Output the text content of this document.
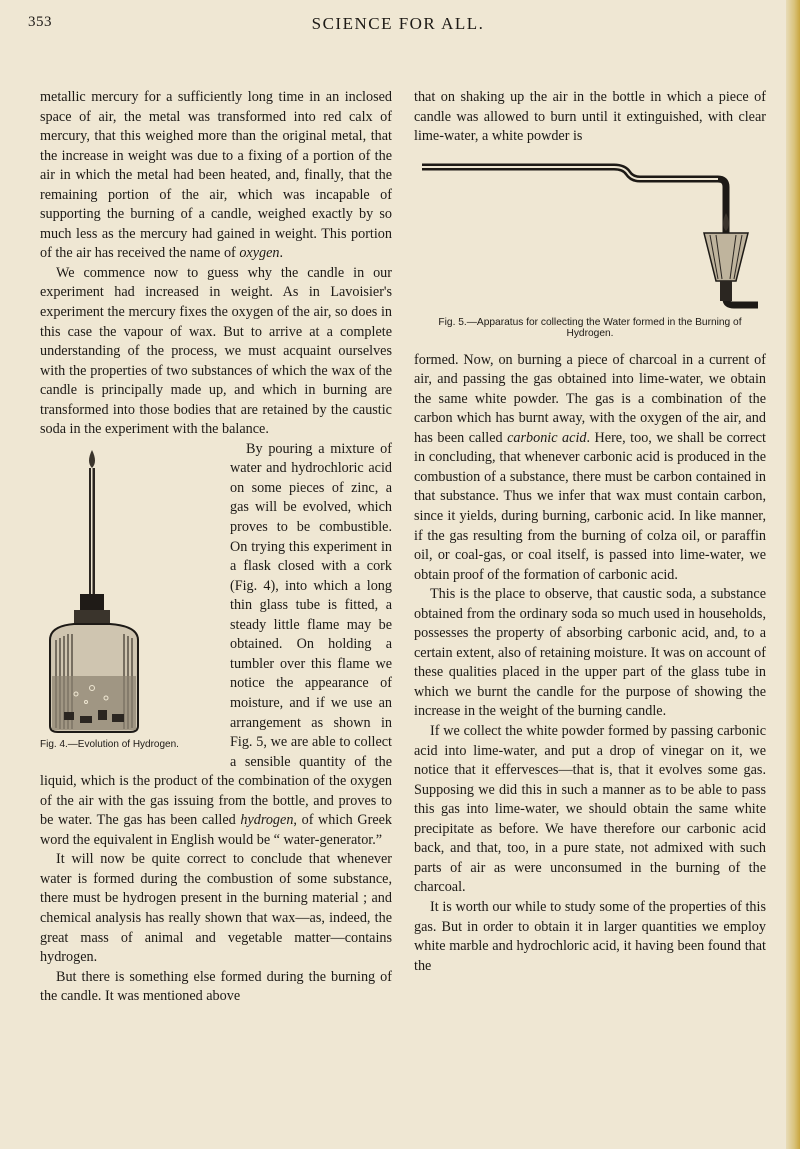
353	SCIENCE FOR ALL.

metallic mercury for a sufficiently long time in an inclosed space of air, the metal was transformed into red calx of mercury, that this weighed more than the original metal, that the increase in weight was due to a fixing of a portion of the air in which the metal had been heated, and, finally, that the remaining portion of the air, which was incapable of supporting the burning of a candle, weighed exactly by so much less as the mercury had gained in weight. This portion of the air has received the name of oxygen.

We commence now to guess why the candle in our experiment had increased in weight. As in Lavoisier's experiment the mercury fixes the oxygen of the air, so does in this case the vapour of wax. But to arrive at a complete understanding of the process, we must acquaint ourselves with the properties of two substances of which the wax of the candle is principally made up, and which in burning are transformed into those bodies that are retained by the caustic soda in the experiment with the balance.

Fig. 4.—Evolution of Hydrogen.
By pouring a mixture of water and hydrochloric acid on some pieces of zinc, a gas will be evolved, which proves to be combustible. On trying this experiment in a flask closed with a cork (Fig. 4), into which a long thin glass tube is fitted, a steady little flame may be obtained. On holding a tumbler over this flame we notice the appearance of moisture, and if we use an arrangement as shown in Fig. 5, we are able to collect a sensible quantity of the liquid, which is the product of the combination of the oxygen of the air with the gas issuing from the bottle, and proves to be water. The gas has been called hydrogen, of which Greek word the equivalent in English would be “ water-generator.”

It will now be quite correct to conclude that whenever water is formed during the combustion of some substance, there must be hydrogen present in the burning material ; and chemical analysis has really shown that wax—as, indeed, the great mass of animal and vegetable matter—contains hydrogen.

But there is something else formed during the burning of the candle. It was mentioned above

that on shaking up the air in the bottle in which a piece of candle was allowed to burn until it extinguished, with clear lime-water, a white powder is

Fig. 5.—Apparatus for collecting the Water formed in the Burning of Hydrogen.

formed. Now, on burning a piece of charcoal in a current of air, and passing the gas obtained into lime-water, we obtain the same white powder. The gas is a combination of the carbon which has burnt away, with the oxygen of the air, and has been called carbonic acid. Here, too, we shall be correct in concluding, that whenever carbonic acid is produced in the combustion of a substance, there must be carbon contained in that substance. Thus we infer that wax must contain carbon, since it yields, during burning, carbonic acid. In like manner, if the gas resulting from the burning of colza oil, or paraffin oil, or coal-gas, or coal itself, is passed into lime-water, we obtain proof of the formation of carbonic acid.

This is the place to observe, that caustic soda, a substance obtained from the ordinary soda so much used in households, possesses the property of absorbing carbonic acid, and, to a certain extent, also of retaining moisture. It was on account of these qualities placed in the upper part of the glass tube in which we burnt the candle for the purpose of showing the increase in the weight of the burning candle.

If we collect the white powder formed by passing carbonic acid into lime-water, and put a drop of vinegar on it, we notice that it effervesces—that is, that it evolves some gas. Supposing we did this in such a manner as to be able to pass this gas into lime-water, we should obtain the same white precipitate as before. We have therefore our carbonic acid back, and that, too, in a pure state, not admixed with such parts of air as were unconsumed in the burning of the charcoal.

It is worth our while to study some of the properties of this gas. But in order to obtain it in larger quantities we employ white marble and hydrochloric acid, it having been found that the
